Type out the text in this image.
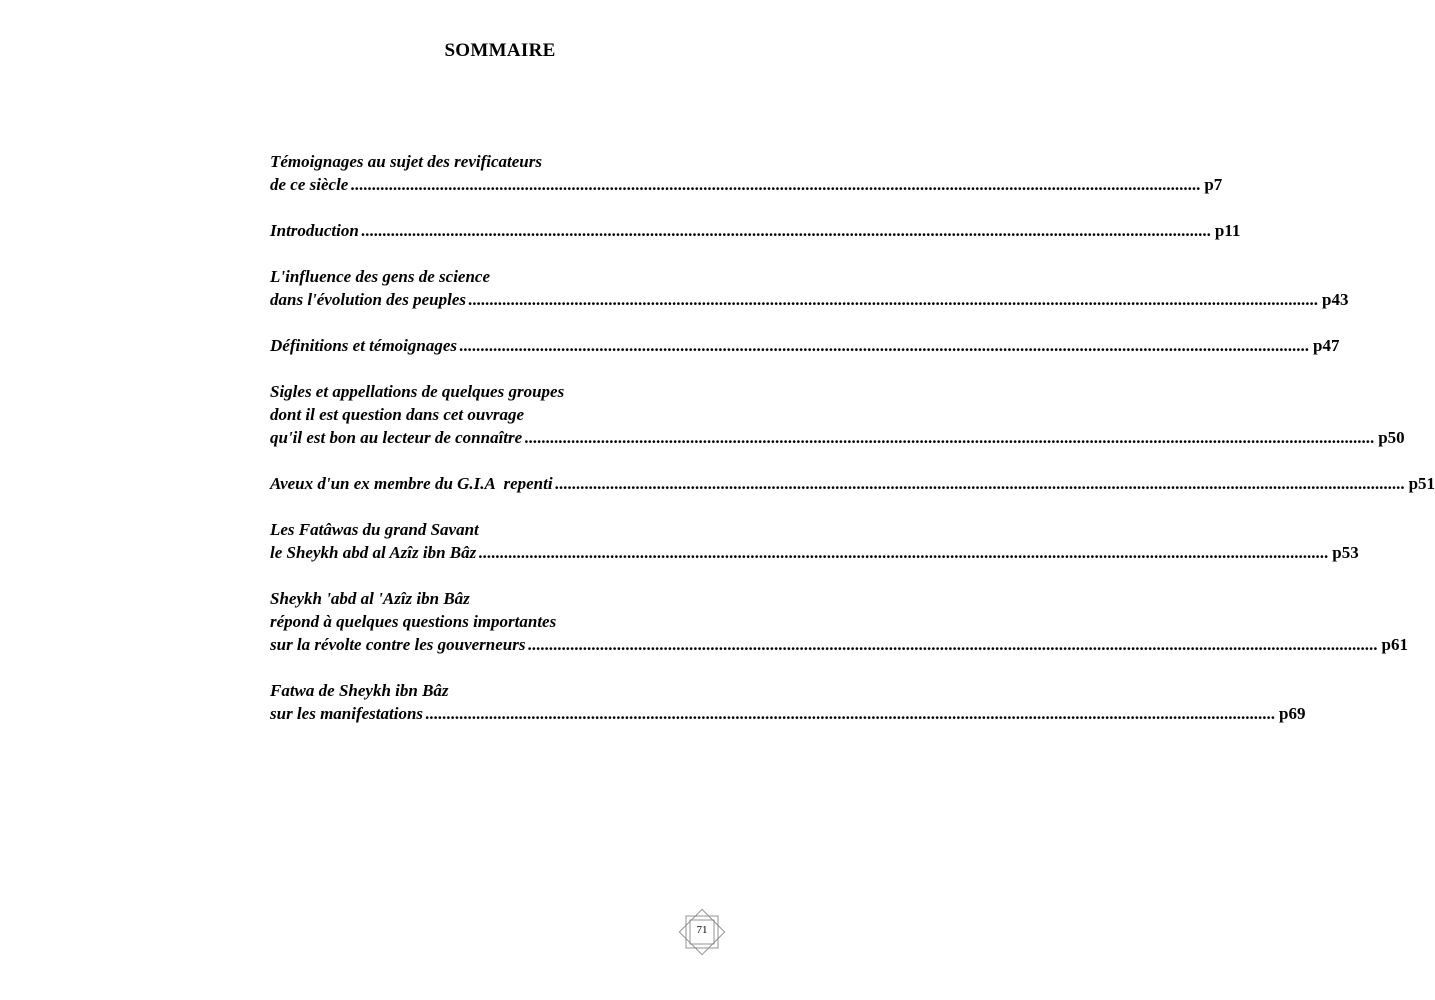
SOMMAIRE
Témoignages au sujet des revificateurs
de ce siècle ........................................................................................................................................................................................................ p7
Introduction ........................................................................................................................................................................................................ p11
L'influence des gens de science
dans l'évolution des peuples ........................................................................................................................................................................................................ p43
Définitions et témoignages ........................................................................................................................................................................................................ p47
Sigles et appellations de quelques groupes
dont il est question dans cet ouvrage
qu'il est bon au lecteur de connaître ........................................................................................................................................................................................................ p50
Aveux d'un ex membre du G.I.A  repenti ........................................................................................................................................................................................................ p51
Les Fatâwas du grand Savant
le Sheykh abd al Azîz ibn Bâz ........................................................................................................................................................................................................ p53
Sheykh 'abd al 'Azîz ibn Bâz
répond à quelques questions importantes
sur la révolte contre les gouverneurs ........................................................................................................................................................................................................ p61
Fatwa de Sheykh ibn Bâz
sur les manifestations ........................................................................................................................................................................................................ p69
71
